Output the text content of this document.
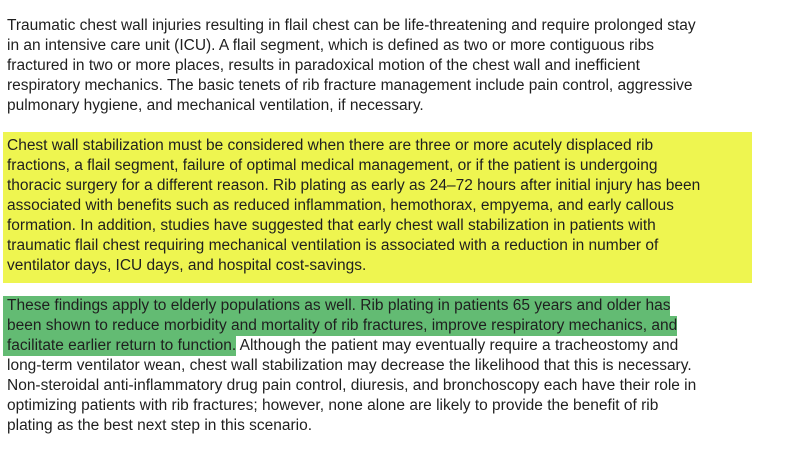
Traumatic chest wall injuries resulting in flail chest can be life-threatening and require prolonged stay
in an intensive care unit (ICU). A flail segment, which is defined as two or more contiguous ribs
fractured in two or more places, results in paradoxical motion of the chest wall and inefficient
respiratory mechanics. The basic tenets of rib fracture management include pain control, aggressive
pulmonary hygiene, and mechanical ventilation, if necessary.
Chest wall stabilization must be considered when there are three or more acutely displaced rib
fractions, a flail segment, failure of optimal medical management, or if the patient is undergoing
thoracic surgery for a different reason. Rib plating as early as 24–72 hours after initial injury has been
associated with benefits such as reduced inflammation, hemothorax, empyema, and early callous
formation. In addition, studies have suggested that early chest wall stabilization in patients with
traumatic flail chest requiring mechanical ventilation is associated with a reduction in number of
ventilator days, ICU days, and hospital cost-savings.
These findings apply to elderly populations as well. Rib plating in patients 65 years and older has
been shown to reduce morbidity and mortality of rib fractures, improve respiratory mechanics, and
facilitate earlier return to function. Although the patient may eventually require a tracheostomy and
long-term ventilator wean, chest wall stabilization may decrease the likelihood that this is necessary.
Non-steroidal anti-inflammatory drug pain control, diuresis, and bronchoscopy each have their role in
optimizing patients with rib fractures; however, none alone are likely to provide the benefit of rib
plating as the best next step in this scenario.
